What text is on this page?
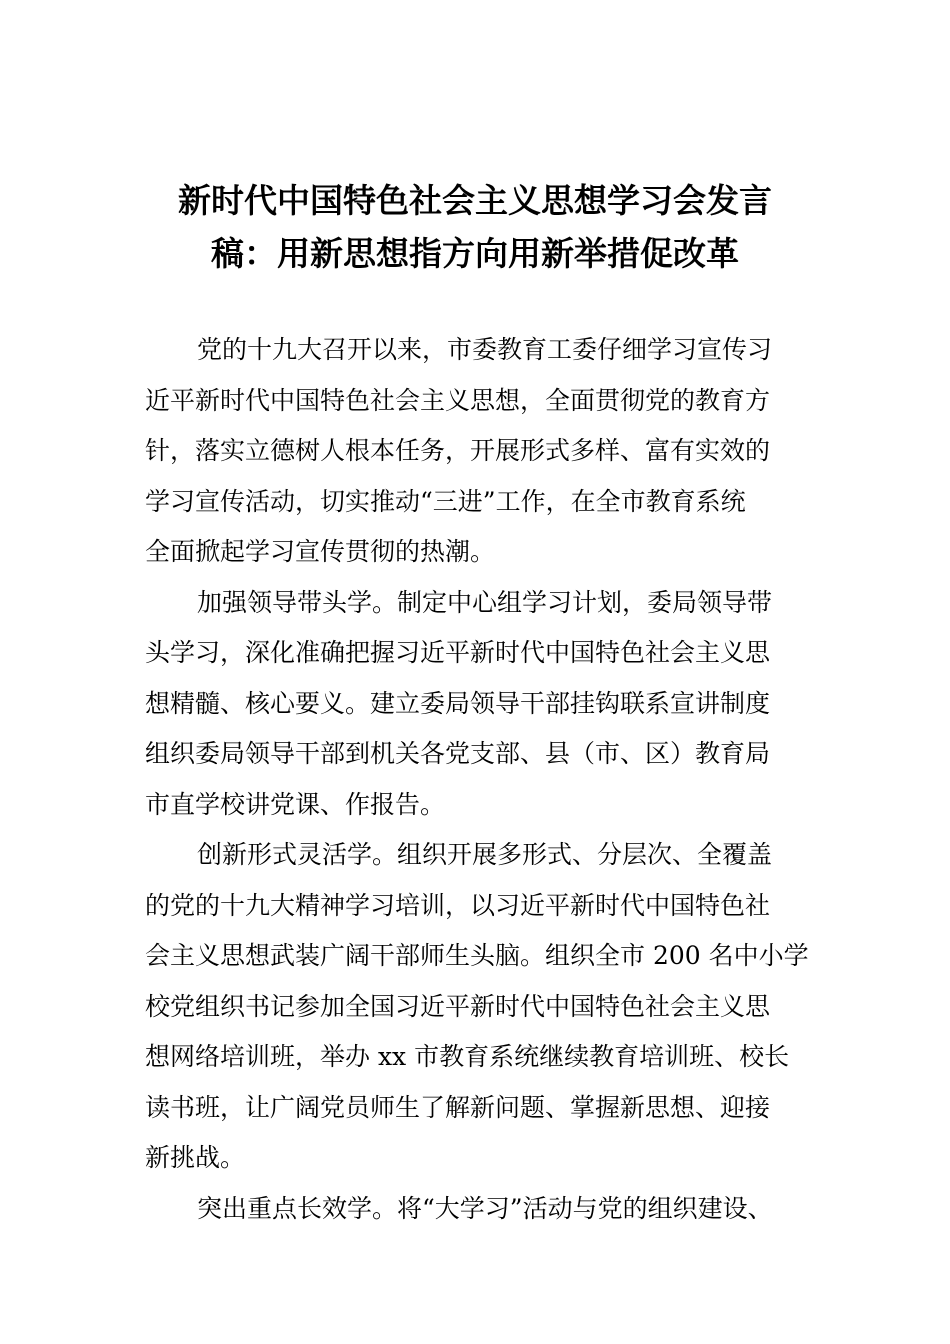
新时代中国特色社会主义思想学习会发言
稿：用新思想指方向用新举措促改革
党的十九大召开以来，市委教育工委仔细学习宣传习
近平新时代中国特色社会主义思想，全面贯彻党的教育方
针，落实立德树人根本任务，开展形式多样、富有实效的
学习宣传活动，切实推动“三进”工作，在全市教育系统
全面掀起学习宣传贯彻的热潮。
加强领导带头学。制定中心组学习计划，委局领导带
头学习，深化准确把握习近平新时代中国特色社会主义思
想精髓、核心要义。建立委局领导干部挂钩联系宣讲制度
组织委局领导干部到机关各党支部、县（市、区）教育局
市直学校讲党课、作报告。
创新形式灵活学。组织开展多形式、分层次、全覆盖
的党的十九大精神学习培训，以习近平新时代中国特色社
会主义思想武装广阔干部师生头脑。组织全市 200 名中小学
校党组织书记参加全国习近平新时代中国特色社会主义思
想网络培训班，举办 xx 市教育系统继续教育培训班、校长
读书班，让广阔党员师生了解新问题、掌握新思想、迎接
新挑战。
突出重点长效学。将“大学习”活动与党的组织建设、
